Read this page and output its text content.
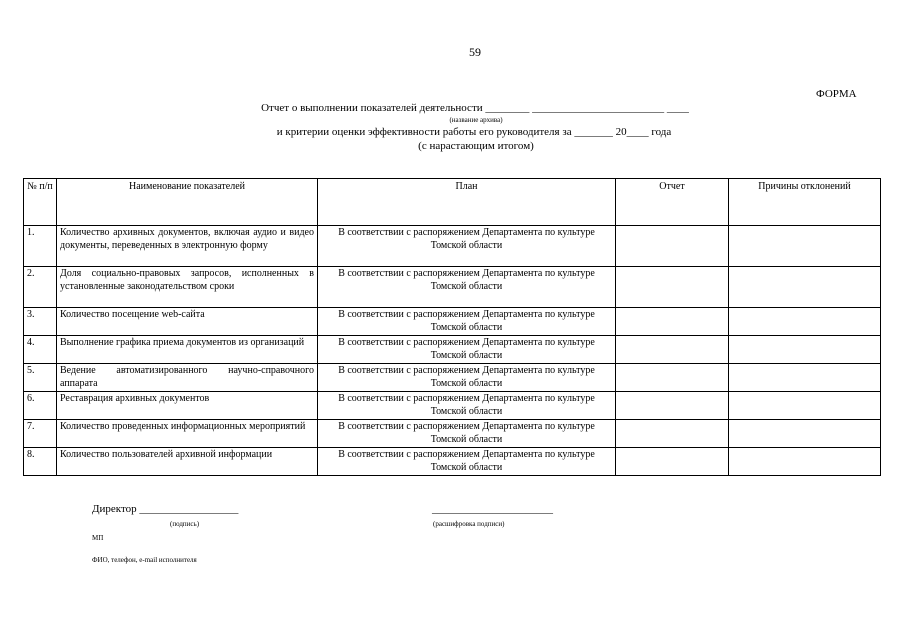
59
ФОРМА
Отчет о выполнении показателей деятельности ________ ________________________ ____
(название архива)
и критерии оценки эффективности работы его руководителя за _______ 20____ года
(с нарастающим итогом)
№ п/п	Наименование показателей	План	Отчет	Причины отклонений
1.	Количество архивных документов, включая аудио и видео документы, переведенных в электронную форму	В соответствии с распоряжением Департамента по культуре Томской области		
2.	Доля социально-правовых запросов, исполненных в установленные законодательством сроки	В соответствии с распоряжением Департамента по культуре Томской области		
3.	Количество посещение web-сайта	В соответствии с распоряжением Департамента по культуре Томской области		
4.	Выполнение графика приема документов из организаций	В соответствии с распоряжением Департамента по культуре Томской области		
5.	Ведение автоматизированного научно-справочного аппарата	В соответствии с распоряжением Департамента по культуре Томской области		
6.	Реставрация архивных документов	В соответствии с распоряжением Департамента по культуре Томской области		
7.	Количество проведенных информационных мероприятий	В соответствии с распоряжением Департамента по культуре Томской области		
8.	Количество пользователей архивной информации	В соответствии с распоряжением Департамента по культуре Томской области		
Директор __________________
(подпись)
______________________
(расшифровка подписи)
МП
ФИО, телефон, e-mail исполнителя
